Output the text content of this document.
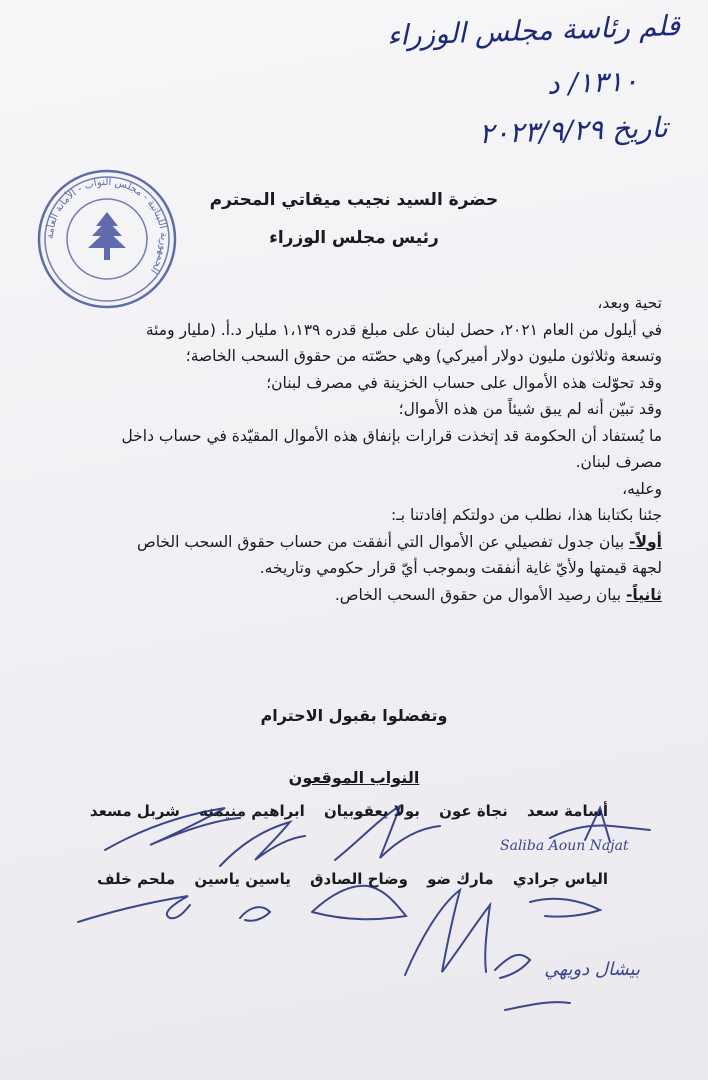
قلم رئاسة مجلس الوزراء
١٣١٠/ د
تاريخ ٢٠٢٣/٩/٢٩
الجمهورية اللبنانية - مجلس النواب - الأمانة العامة
حضرة السيد نجيب ميقاتي المحترم
رئيس مجلس الوزراء

تحية وبعد،

في أيلول من العام ٢٠٢١، حصل لبنان على مبلغ قدره ١،١٣٩ مليار د.أ. (مليار ومئة

وتسعة وثلاثون مليون دولار أميركي) وهي حصّته من حقوق السحب الخاصة؛

وقد تحوّلت هذه الأموال على حساب الخزينة في مصرف لبنان؛

وقد تبيّن أنه لم يبق شيئاً من هذه الأموال؛

ما يُستفاد أن الحكومة قد إتخذت قرارات بإنفاق هذه الأموال المقيّدة في حساب داخل

مصرف لبنان.

وعليه،

جئنا بكتابنا هذا، نطلب من دولتكم إفادتنا بـ:

أولاً- بيان جدول تفصيلي عن الأموال التي أنفقت من حساب حقوق السحب الخاص

لجهة قيمتها ولأيّ غاية أنفقت وبموجب أيّ قرار حكومي وتاريخه.

ثانياً- بيان رصيد الأموال من حقوق السحب الخاص.

وتفضلوا بقبول الاحترام
النواب الموقعون
أسامة سعد نجاة عون بولا يعقوبيان ابراهيم منيمنه شربل مسعد
الياس جرادي مارك ضو وضاح الصادق ياسين ياسين ملحم خلف
Saliba Aoun Najat
بيشال دويهي
